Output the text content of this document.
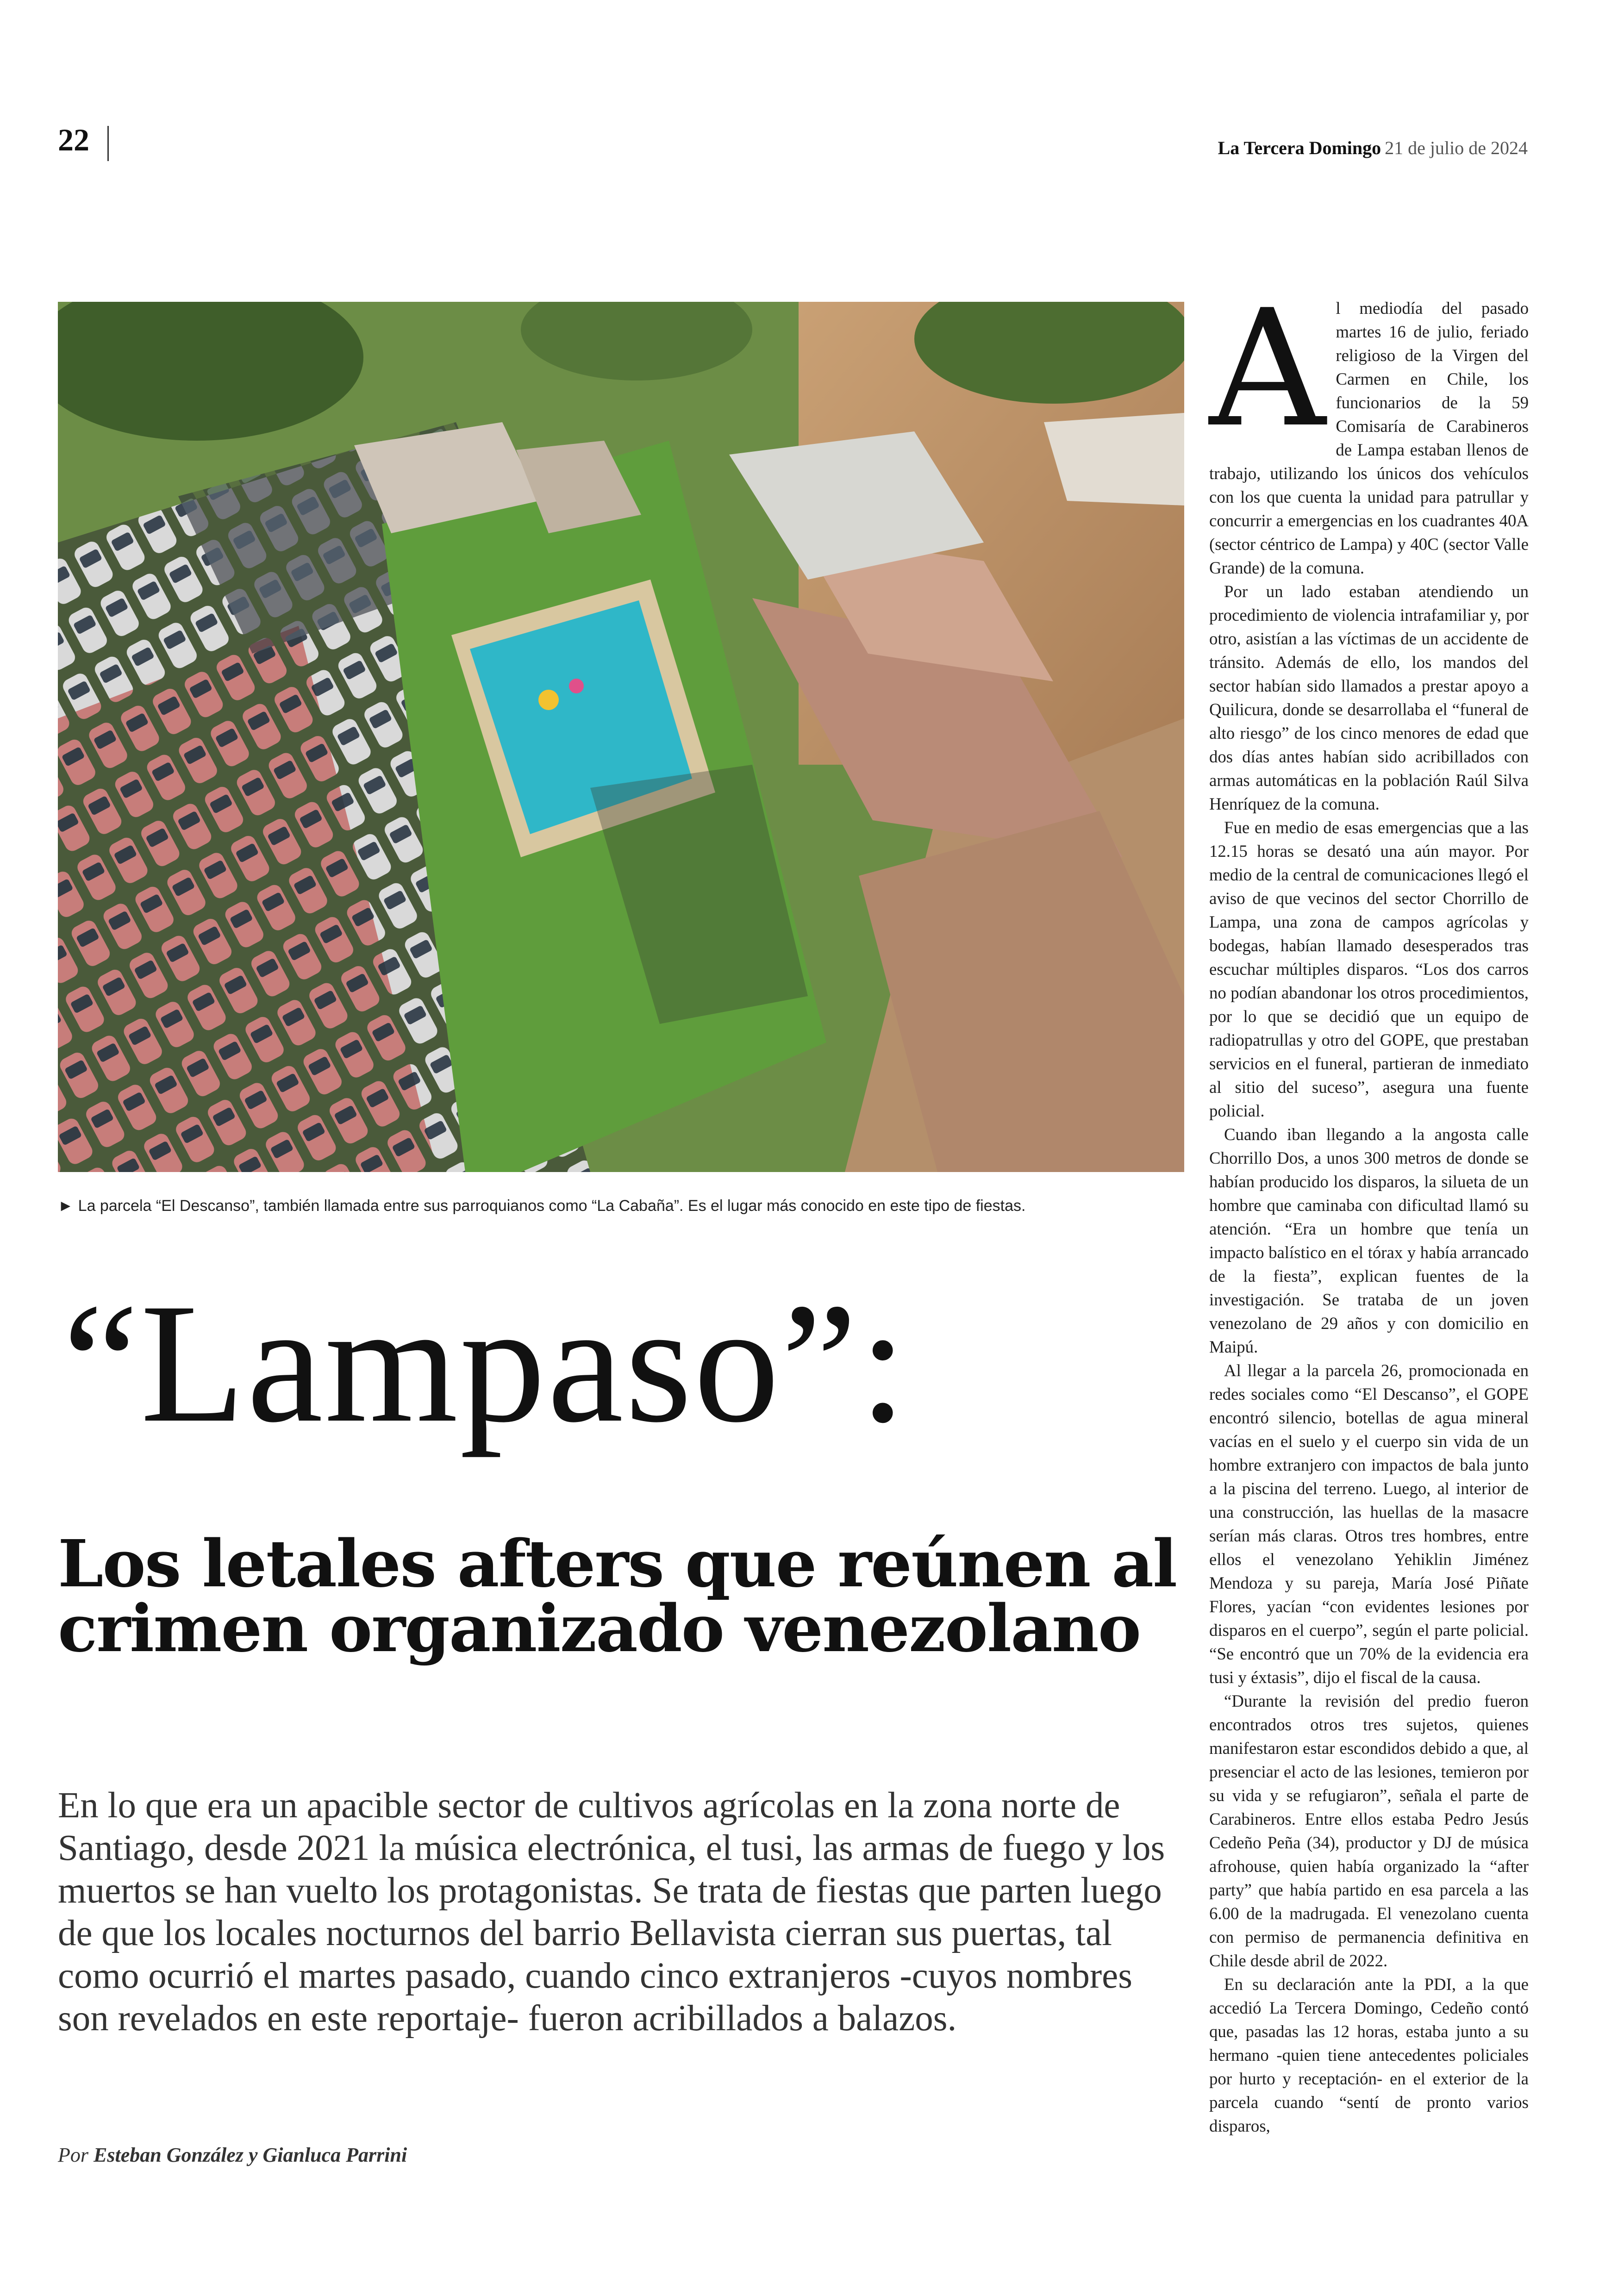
22	La Tercera Domingo 21 de julio de 2024
► La parcela “El Descanso”, también llamada entre sus parroquianos como “La Cabaña”. Es el lugar más conocido en este tipo de fiestas.
“Lampaso”:
Los letales afters que reúnen al crimen organizado venezolano
En lo que era un apacible sector de cultivos agrícolas en la zona norte de Santiago, desde 2021 la música electrónica, el tusi, las armas de fuego y los muertos se han vuelto los protagonistas. Se trata de fiestas que parten luego de que los locales nocturnos del barrio Bellavista cierran sus puertas, tal como ocurrió el martes pasado, cuando cinco extranjeros -cuyos nombres son revelados en este reportaje- fueron acribillados a balazos.
Por Esteban González y Gianluca Parrini

Al mediodía del pasado martes 16 de julio, feriado religioso de la Virgen del Carmen en Chile, los funcionarios de la 59 Comisaría de Carabineros de Lampa estaban llenos de trabajo, utilizando los únicos dos vehículos con los que cuenta la unidad para patrullar y concurrir a emergencias en los cuadrantes 40A (sector céntrico de Lampa) y 40C (sector Valle Grande) de la comuna.

Por un lado estaban atendiendo un procedimiento de violencia intrafamiliar y, por otro, asistían a las víctimas de un accidente de tránsito. Además de ello, los mandos del sector habían sido llamados a prestar apoyo a Quilicura, donde se desarrollaba el “funeral de alto riesgo” de los cinco menores de edad que dos días antes habían sido acribillados con armas automáticas en la población Raúl Silva Henríquez de la comuna.

Fue en medio de esas emergencias que a las 12.15 horas se desató una aún mayor. Por medio de la central de comunicaciones llegó el aviso de que vecinos del sector Chorrillo de Lampa, una zona de campos agrícolas y bodegas, habían llamado desesperados tras escuchar múltiples disparos. “Los dos carros no podían abandonar los otros procedimientos, por lo que se decidió que un equipo de radiopatrullas y otro del GOPE, que prestaban servicios en el funeral, partieran de inmediato al sitio del suceso”, asegura una fuente policial.

Cuando iban llegando a la angosta calle Chorrillo Dos, a unos 300 metros de donde se habían producido los disparos, la silueta de un hombre que caminaba con dificultad llamó su atención. “Era un hombre que tenía un impacto balístico en el tórax y había arrancado de la fiesta”, explican fuentes de la investigación. Se trataba de un joven venezolano de 29 años y con domicilio en Maipú.

Al llegar a la parcela 26, promocionada en redes sociales como “El Descanso”, el GOPE encontró silencio, botellas de agua mineral vacías en el suelo y el cuerpo sin vida de un hombre extranjero con impactos de bala junto a la piscina del terreno. Luego, al interior de una construcción, las huellas de la masacre serían más claras. Otros tres hombres, entre ellos el venezolano Yehiklin Jiménez Mendoza y su pareja, María José Piñate Flores, yacían “con evidentes lesiones por disparos en el cuerpo”, según el parte policial. “Se encontró que un 70% de la evidencia era tusi y éxtasis”, dijo el fiscal de la causa.

“Durante la revisión del predio fueron encontrados otros tres sujetos, quienes manifestaron estar escondidos debido a que, al presenciar el acto de las lesiones, temieron por su vida y se refugiaron”, señala el parte de Carabineros. Entre ellos estaba Pedro Jesús Cedeño Peña (34), productor y DJ de música afrohouse, quien había organizado la “after party” que había partido en esa parcela a las 6.00 de la madrugada. El venezolano cuenta con permiso de permanencia definitiva en Chile desde abril de 2022.

En su declaración ante la PDI, a la que accedió La Tercera Domingo, Cedeño contó que, pasadas las 12 horas, estaba junto a su hermano -quien tiene antecedentes policiales por hurto y receptación- en el exterior de la parcela cuando “sentí de pronto varios disparos,
